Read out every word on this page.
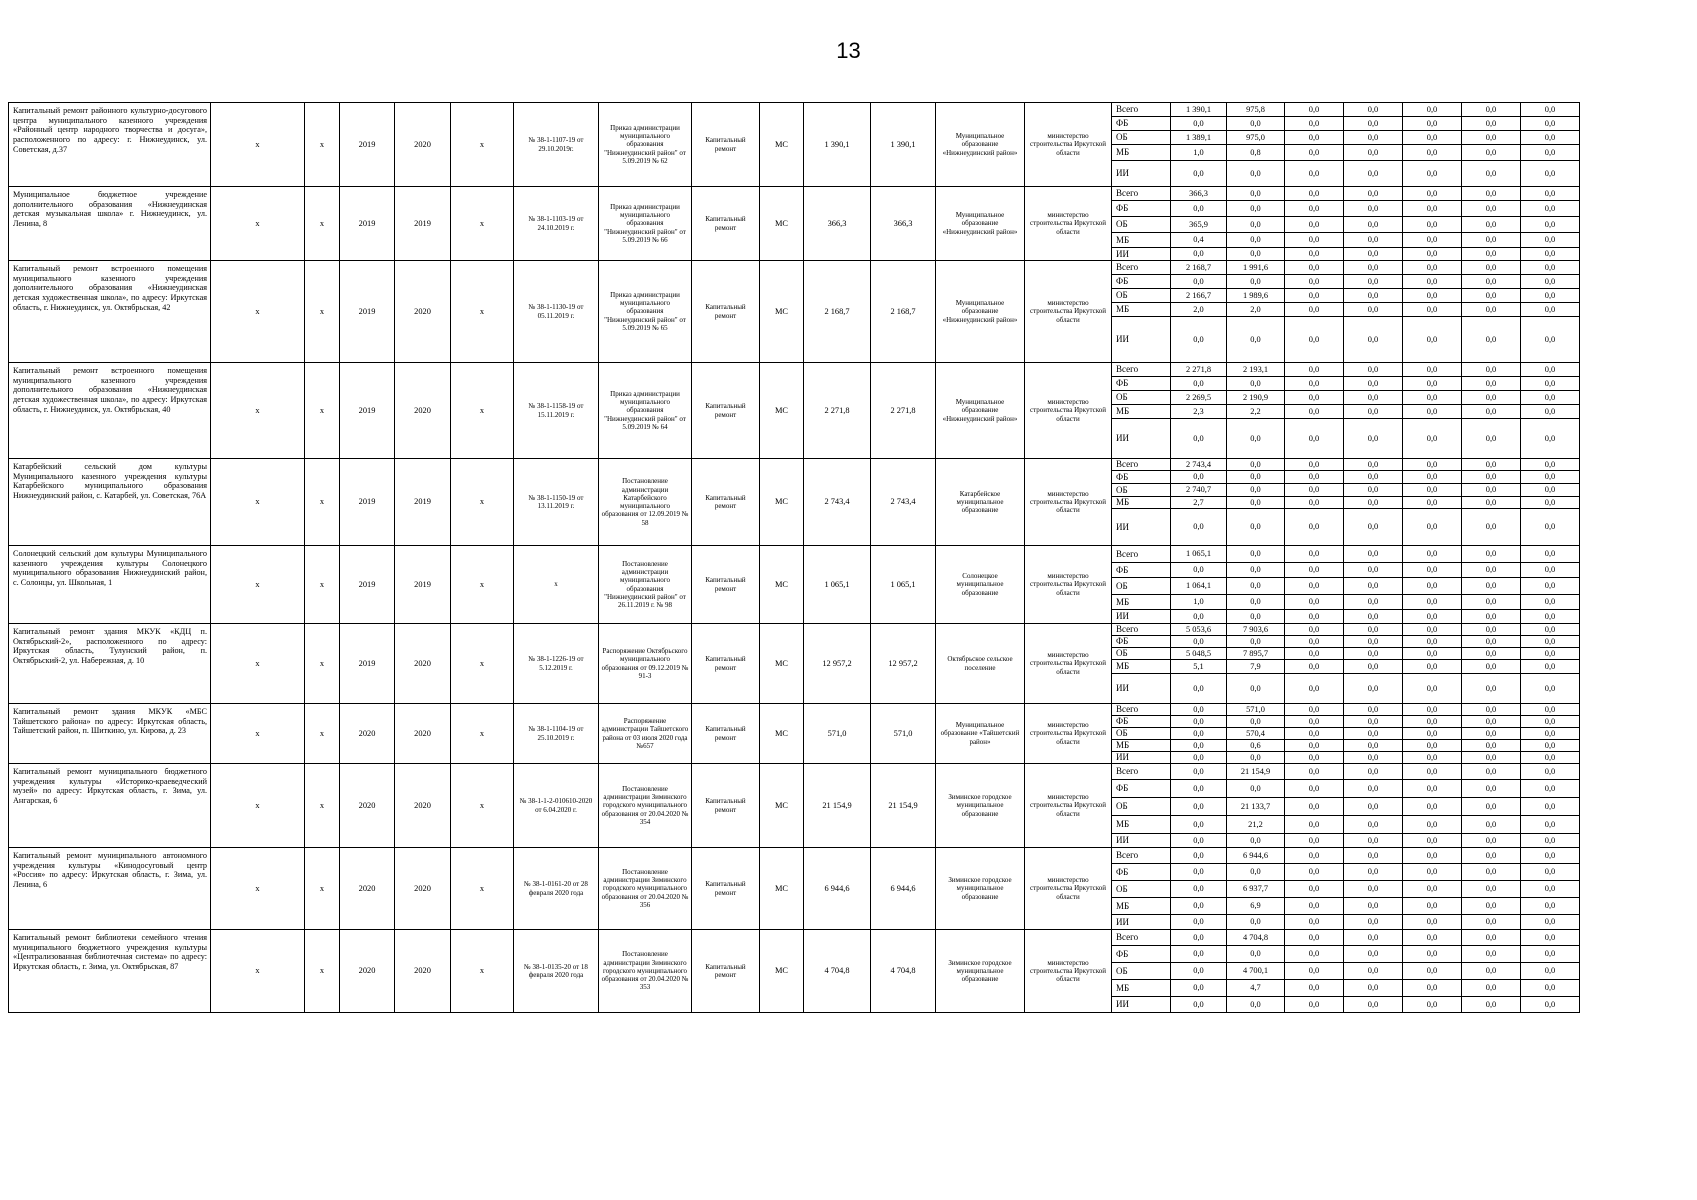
13
Капитальный ремонт районного культурно-досугового центра муниципального казенного учреждения «Районный центр народного творчества и досуга», расположенного по адресу: г. Нижнеудинск, ул. Советская, д.37	x	x	2019	2020	x	№ 38-1-1107-19 от 29.10.2019г.	Приказ администрации муниципального образования "Нижнеудинский район" от 5.09.2019 № 62	Капитальный ремонт	МС	1 390,1	1 390,1	Муниципальное образование «Нижнеудинский район»	министерство строительства Иркутской области	Всего	1 390,1	975,8	0,0	0,0	0,0	0,0	0,0
														ФБ	0,0	0,0	0,0	0,0	0,0	0,0	0,0
														ОБ	1 389,1	975,0	0,0	0,0	0,0	0,0	0,0
														МБ	1,0	0,8	0,0	0,0	0,0	0,0	0,0
														ИИ	0,0	0,0	0,0	0,0	0,0	0,0	0,0
Муниципальное бюджетное учреждение дополнительного образования «Нижнеудинская детская музыкальная школа» г. Нижнеудинск, ул. Ленина, 8	x	x	2019	2019	x	№ 38-1-1103-19 от 24.10.2019 г.	Приказ администрации муниципального образования "Нижнеудинский район" от 5.09.2019 № 66	Капитальный ремонт	МС	366,3	366,3	Муниципальное образование «Нижнеудинский район»	министерство строительства Иркутской области	Всего	366,3	0,0	0,0	0,0	0,0	0,0	0,0
														ФБ	0,0	0,0	0,0	0,0	0,0	0,0	0,0
														ОБ	365,9	0,0	0,0	0,0	0,0	0,0	0,0
														МБ	0,4	0,0	0,0	0,0	0,0	0,0	0,0
														ИИ	0,0	0,0	0,0	0,0	0,0	0,0	0,0
Капитальный ремонт встроенного помещения муниципального казенного учреждения дополнительного образования «Нижнеудинская детская художественная школа», по адресу: Иркутская область, г. Нижнеудинск, ул. Октябрьская, 42	x	x	2019	2020	x	№ 38-1-1130-19 от 05.11.2019 г.	Приказ администрации муниципального образования "Нижнеудинский район" от 5.09.2019 № 65	Капитальный ремонт	МС	2 168,7	2 168,7	Муниципальное образование «Нижнеудинский район»	министерство строительства Иркутской области	Всего	2 168,7	1 991,6	0,0	0,0	0,0	0,0	0,0
														ФБ	0,0	0,0	0,0	0,0	0,0	0,0	0,0
														ОБ	2 166,7	1 989,6	0,0	0,0	0,0	0,0	0,0
														МБ	2,0	2,0	0,0	0,0	0,0	0,0	0,0
														ИИ	0,0	0,0	0,0	0,0	0,0	0,0	0,0
Капитальный ремонт встроенного помещения муниципального казенного учреждения дополнительного образования «Нижнеудинская детская художественная школа», по адресу: Иркутская область, г. Нижнеудинск, ул. Октябрьская, 40	x	x	2019	2020	x	№ 38-1-1158-19 от 15.11.2019 г.	Приказ администрации муниципального образования "Нижнеудинский район" от 5.09.2019 № 64	Капитальный ремонт	МС	2 271,8	2 271,8	Муниципальное образование «Нижнеудинский район»	министерство строительства Иркутской области	Всего	2 271,8	2 193,1	0,0	0,0	0,0	0,0	0,0
														ФБ	0,0	0,0	0,0	0,0	0,0	0,0	0,0
														ОБ	2 269,5	2 190,9	0,0	0,0	0,0	0,0	0,0
														МБ	2,3	2,2	0,0	0,0	0,0	0,0	0,0
														ИИ	0,0	0,0	0,0	0,0	0,0	0,0	0,0
Катарбейский сельский дом культуры Муниципального казенного учреждения культуры Катарбейского муниципального образования Нижнеудинский район, с. Катарбей, ул. Советская, 76А	x	x	2019	2019	x	№ 38-1-1150-19 от 13.11.2019 г.	Постановление администрации Катарбейского муниципального образования от 12.09.2019 № 58	Капитальный ремонт	МС	2 743,4	2 743,4	Катарбейское муниципальное образование	министерство строительства Иркутской области	Всего	2 743,4	0,0	0,0	0,0	0,0	0,0	0,0
														ФБ	0,0	0,0	0,0	0,0	0,0	0,0	0,0
														ОБ	2 740,7	0,0	0,0	0,0	0,0	0,0	0,0
														МБ	2,7	0,0	0,0	0,0	0,0	0,0	0,0
														ИИ	0,0	0,0	0,0	0,0	0,0	0,0	0,0
Солонецкий сельский дом культуры Муниципального казенного учреждения культуры Солонецкого муниципального образования Нижнеудинский район, с. Солонцы, ул. Школьная, 1	x	x	2019	2019	x	x	Постановление администрации муниципального образования "Нижнеудинский район" от 26.11.2019 г. № 98	Капитальный ремонт	МС	1 065,1	1 065,1	Солонецкое муниципальное образование	министерство строительства Иркутской области	Всего	1 065,1	0,0	0,0	0,0	0,0	0,0	0,0
														ФБ	0,0	0,0	0,0	0,0	0,0	0,0	0,0
														ОБ	1 064,1	0,0	0,0	0,0	0,0	0,0	0,0
														МБ	1,0	0,0	0,0	0,0	0,0	0,0	0,0
														ИИ	0,0	0,0	0,0	0,0	0,0	0,0	0,0
Капитальный ремонт здания МКУК «КДЦ п. Октябрьский-2», расположенного по адресу: Иркутская область, Тулунский район, п. Октябрьский-2, ул. Набережная, д. 10	x	x	2019	2020	x	№ 38-1-1226-19 от 5.12.2019 г.	Распоряжение Октябрьского муниципального образования от 09.12.2019 № 91-3	Капитальный ремонт	МС	12 957,2	12 957,2	Октябрьское сельское поселение	министерство строительства Иркутской области	Всего	5 053,6	7 903,6	0,0	0,0	0,0	0,0	0,0
														ФБ	0,0	0,0	0,0	0,0	0,0	0,0	0,0
														ОБ	5 048,5	7 895,7	0,0	0,0	0,0	0,0	0,0
														МБ	5,1	7,9	0,0	0,0	0,0	0,0	0,0
														ИИ	0,0	0,0	0,0	0,0	0,0	0,0	0,0
Капитальный ремонт здания МКУК «МБС Тайшетского района» по адресу: Иркутская область, Тайшетский район, п. Шиткино, ул. Кирова, д. 23	x	x	2020	2020	x	№ 38-1-1104-19 от 25.10.2019 г.	Распоряжение администрации Тайшетского района от 03 июля 2020 года №657	Капитальный ремонт	МС	571,0	571,0	Муниципальное образование «Тайшетский район»	министерство строительства Иркутской области	Всего	0,0	571,0	0,0	0,0	0,0	0,0	0,0
														ФБ	0,0	0,0	0,0	0,0	0,0	0,0	0,0
														ОБ	0,0	570,4	0,0	0,0	0,0	0,0	0,0
														МБ	0,0	0,6	0,0	0,0	0,0	0,0	0,0
														ИИ	0,0	0,0	0,0	0,0	0,0	0,0	0,0
Капитальный ремонт муниципального бюджетного учреждения культуры «Историко-краеведческий музей» по адресу: Иркутская область, г. Зима, ул. Ангарская, 6	x	x	2020	2020	x	№ 38-1-1-2-010610-2020 от 6.04.2020 г.	Постановление администрации Зиминского городского муниципального образования от 20.04.2020 № 354	Капитальный ремонт	МС	21 154,9	21 154,9	Зиминское городское муниципальное образование	министерство строительства Иркутской области	Всего	0,0	21 154,9	0,0	0,0	0,0	0,0	0,0
														ФБ	0,0	0,0	0,0	0,0	0,0	0,0	0,0
														ОБ	0,0	21 133,7	0,0	0,0	0,0	0,0	0,0
														МБ	0,0	21,2	0,0	0,0	0,0	0,0	0,0
														ИИ	0,0	0,0	0,0	0,0	0,0	0,0	0,0
Капитальный ремонт муниципального автономного учреждения культуры «Кинодосуговый центр «Россия» по адресу: Иркутская область, г. Зима, ул. Ленина, 6	x	x	2020	2020	x	№ 38-1-0161-20 от 28 февраля 2020 года	Постановление администрации Зиминского городского муниципального образования от 20.04.2020 № 356	Капитальный ремонт	МС	6 944,6	6 944,6	Зиминское городское муниципальное образование	министерство строительства Иркутской области	Всего	0,0	6 944,6	0,0	0,0	0,0	0,0	0,0
														ФБ	0,0	0,0	0,0	0,0	0,0	0,0	0,0
														ОБ	0,0	6 937,7	0,0	0,0	0,0	0,0	0,0
														МБ	0,0	6,9	0,0	0,0	0,0	0,0	0,0
														ИИ	0,0	0,0	0,0	0,0	0,0	0,0	0,0
Капитальный ремонт библиотеки семейного чтения муниципального бюджетного учреждения культуры «Централизованная библиотечная система» по адресу: Иркутская область, г. Зима, ул. Октябрьская, 87	x	x	2020	2020	x	№ 38-1-0135-20 от 18 февраля 2020 года	Постановление администрации Зиминского городского муниципального образования от 20.04.2020 № 353	Капитальный ремонт	МС	4 704,8	4 704,8	Зиминское городское муниципальное образование	министерство строительства Иркутской области	Всего	0,0	4 704,8	0,0	0,0	0,0	0,0	0,0
														ФБ	0,0	0,0	0,0	0,0	0,0	0,0	0,0
														ОБ	0,0	4 700,1	0,0	0,0	0,0	0,0	0,0
														МБ	0,0	4,7	0,0	0,0	0,0	0,0	0,0
														ИИ	0,0	0,0	0,0	0,0	0,0	0,0	0,0
